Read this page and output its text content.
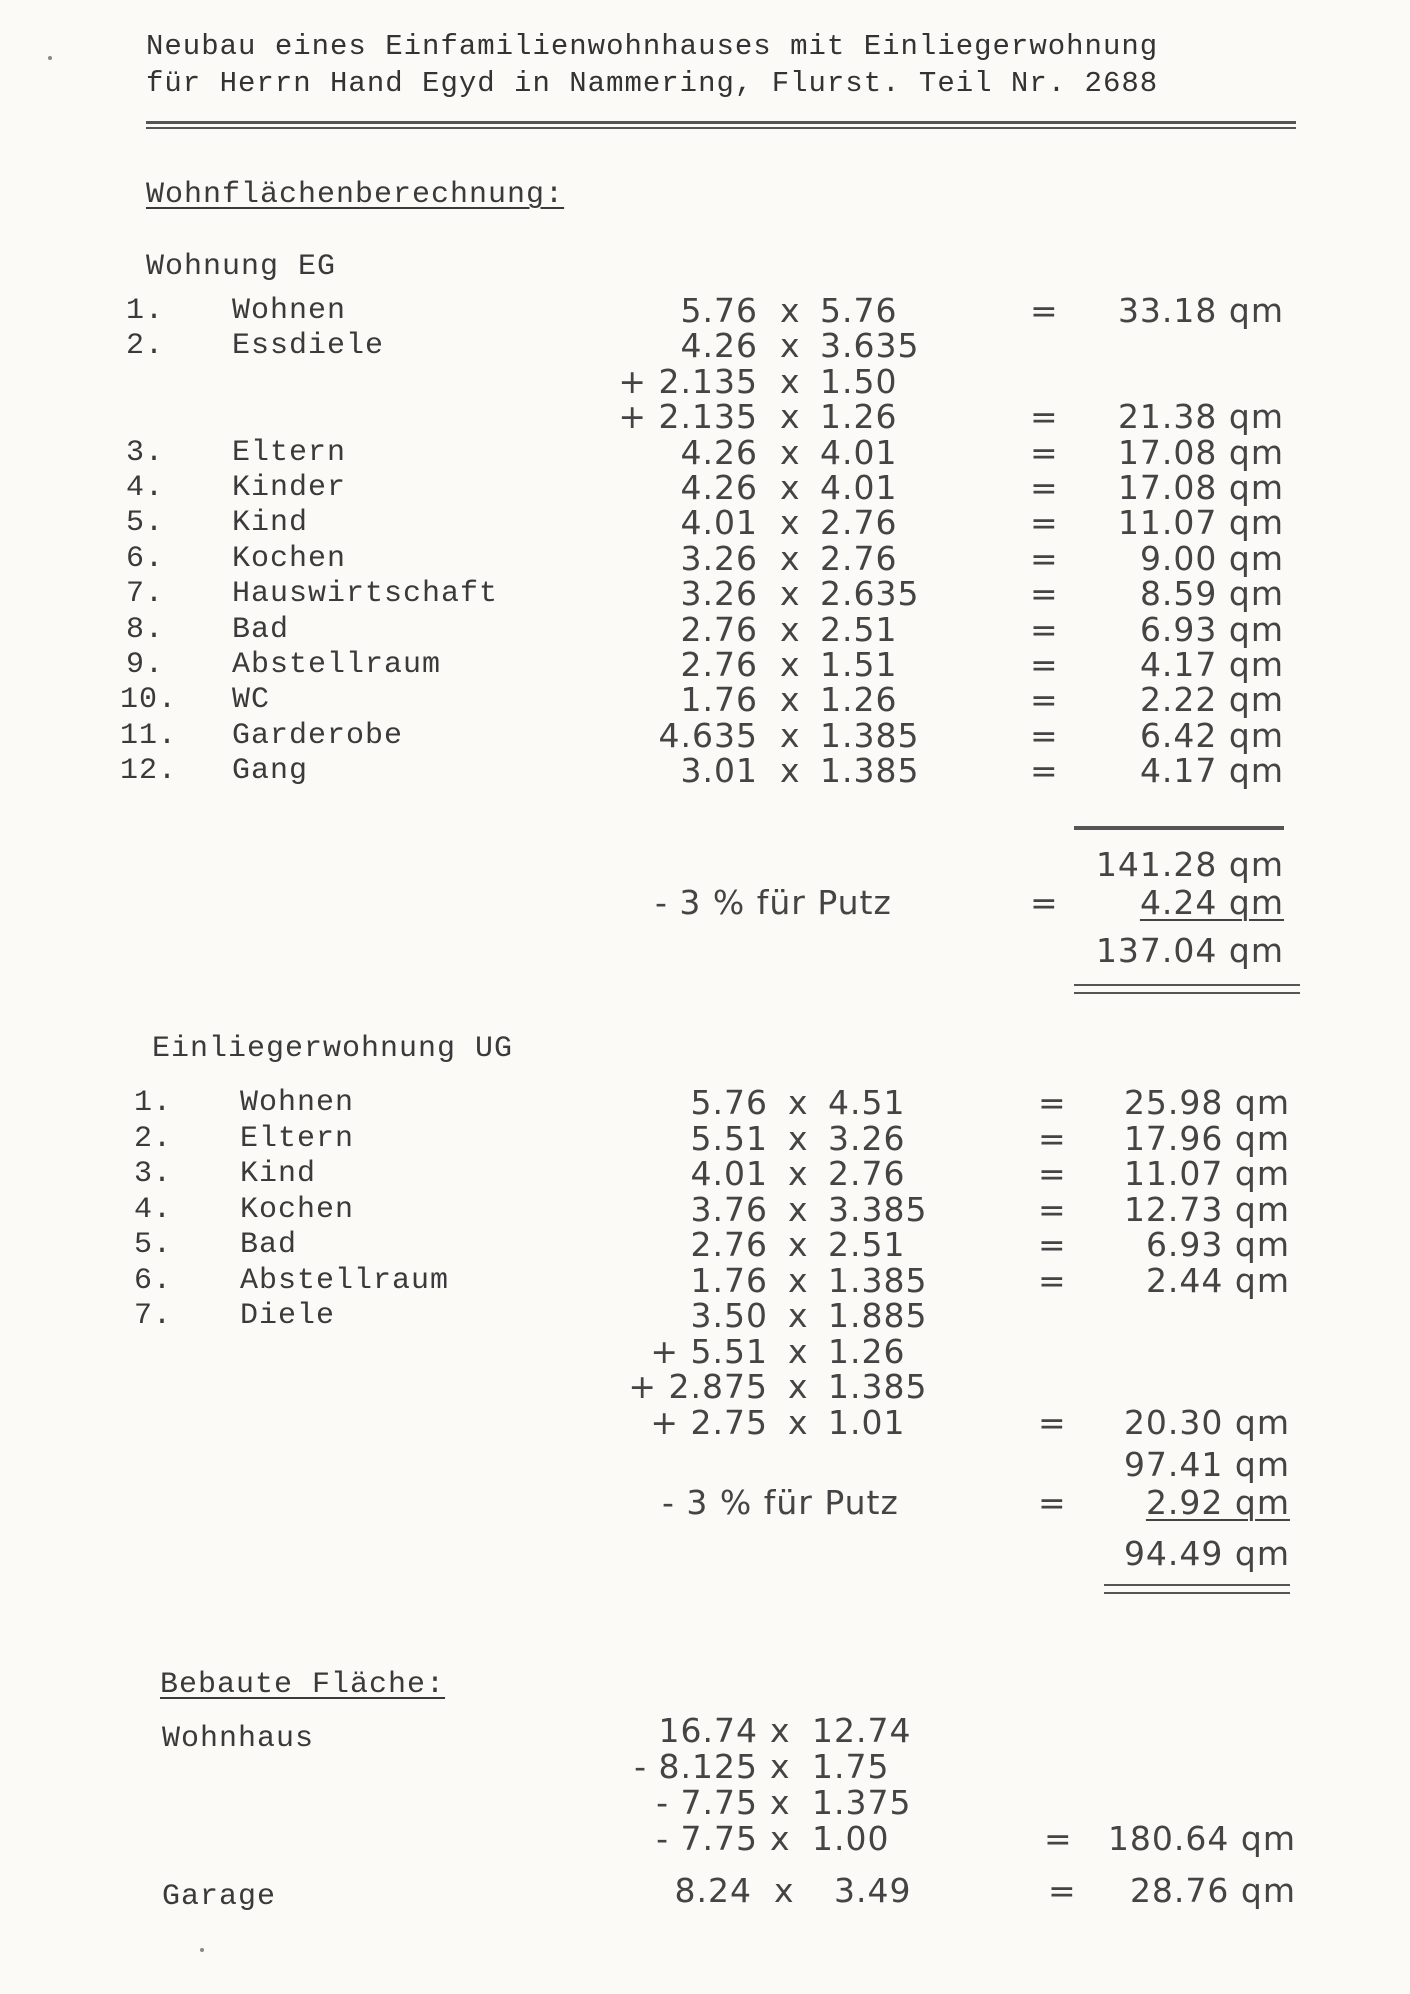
Neubau eines Einfamilienwohnhauses mit Einliegerwohnung
für Herrn Hand Egyd in Nammering, Flurst. Teil Nr. 2688
Wohnflächenberechnung:
Wohnung EG
1. Wohnen	5.76 x 5.76	=	33.18 qm
2. Essdiele	4.26 x 3.635
+ 2.135 x 1.50
+ 2.135 x 1.26	=	21.38 qm
3. Eltern	4.26 x 4.01	=	17.08 qm
4. Kinder	4.26 x 4.01	=	17.08 qm
5. Kind	4.01 x 2.76	=	11.07 qm
6. Kochen	3.26 x 2.76	=	9.00 qm
7. Hauswirtschaft	3.26 x 2.635	=	8.59 qm
8. Bad	2.76 x 2.51	=	6.93 qm
9. Abstellraum	2.76 x 1.51	=	4.17 qm
10. WC	1.76 x 1.26	=	2.22 qm
11. Garderobe	4.635 x 1.385	=	6.42 qm
12. Gang	3.01 x 1.385	=	4.17 qm
141.28 qm
- 3 % für Putz	=	4.24 qm
137.04 qm
Einliegerwohnung UG
1. Wohnen	5.76 x 4.51	=	25.98 qm
2. Eltern	5.51 x 3.26	=	17.96 qm
3. Kind	4.01 x 2.76	=	11.07 qm
4. Kochen	3.76 x 3.385	=	12.73 qm
5. Bad	2.76 x 2.51	=	6.93 qm
6. Abstellraum	1.76 x 1.385	=	2.44 qm
7. Diele	3.50 x 1.885
+ 5.51 x 1.26
+ 2.875 x 1.385
+ 2.75 x 1.01	=	20.30 qm
97.41 qm
- 3 % für Putz	=	2.92 qm
94.49 qm
Bebaute Fläche:
Wohnhaus	16.74 x 12.74
- 8.125 x 1.75
- 7.75 x 1.375
- 7.75 x 1.00	=	180.64 qm
Garage	8.24 x 3.49	=	28.76 qm
